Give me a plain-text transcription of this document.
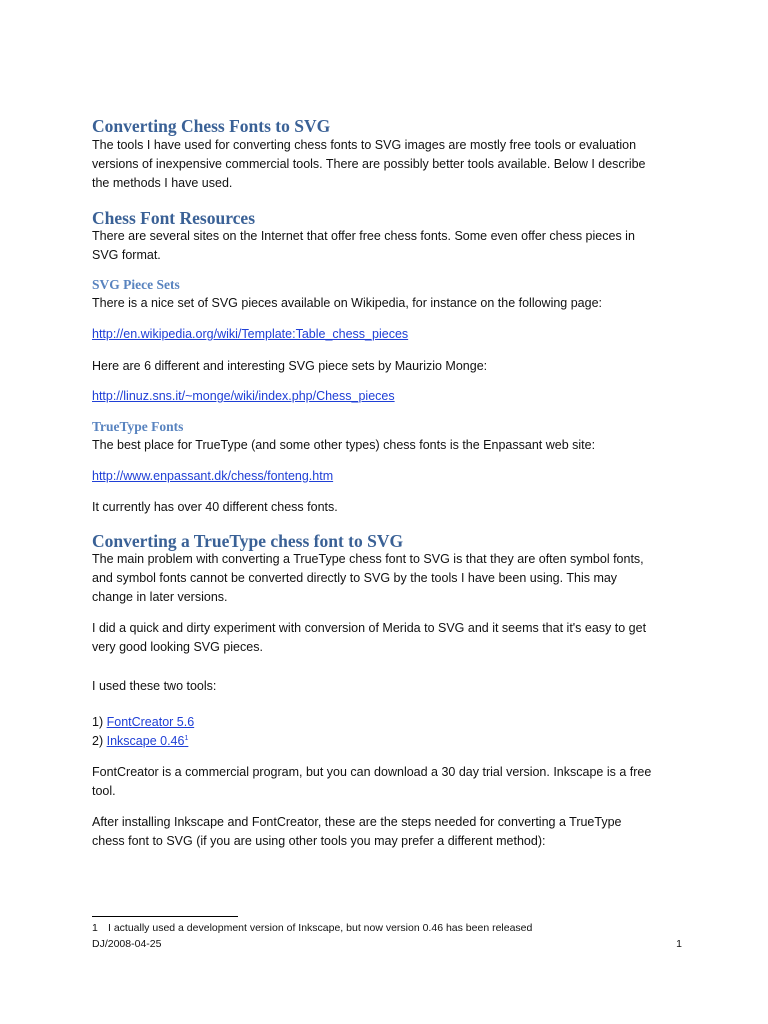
Converting Chess Fonts to SVG
The tools I have used for converting chess fonts to SVG images are mostly free tools or evaluation
versions of inexpensive commercial tools. There are possibly better tools available. Below I describe
the methods I have used.
Chess Font Resources
There are several sites on the Internet that offer free chess fonts. Some even offer chess pieces in
SVG format.
SVG Piece Sets
There is a nice set of SVG pieces available on Wikipedia, for instance on the following page:
http://en.wikipedia.org/wiki/Template:Table_chess_pieces
Here are 6 different and interesting SVG piece sets by Maurizio Monge:
http://linuz.sns.it/~monge/wiki/index.php/Chess_pieces
TrueType Fonts
The best place for TrueType (and some other types) chess fonts is the Enpassant web site:
http://www.enpassant.dk/chess/fonteng.htm
It currently has over 40 different chess fonts.
Converting a TrueType chess font to SVG
The main problem with converting a TrueType chess font to SVG is that they are often symbol fonts,
and symbol fonts cannot be converted directly to SVG by the tools I have been using. This may
change in later versions.
I did a quick and dirty experiment with conversion of Merida to SVG and it seems that it's easy to get
very good looking SVG pieces.
I used these two tools:
1) FontCreator 5.6
2) Inkscape 0.46$^1$
FontCreator is a commercial program, but you can download a 30 day trial version. Inkscape is a free
tool.
After installing Inkscape and FontCreator, these are the steps needed for converting a TrueType
chess font to SVG (if you are using other tools you may prefer a different method):
1 I actually used a development version of Inkscape, but now version 0.46 has been released
DJ/2008-04-25	1
